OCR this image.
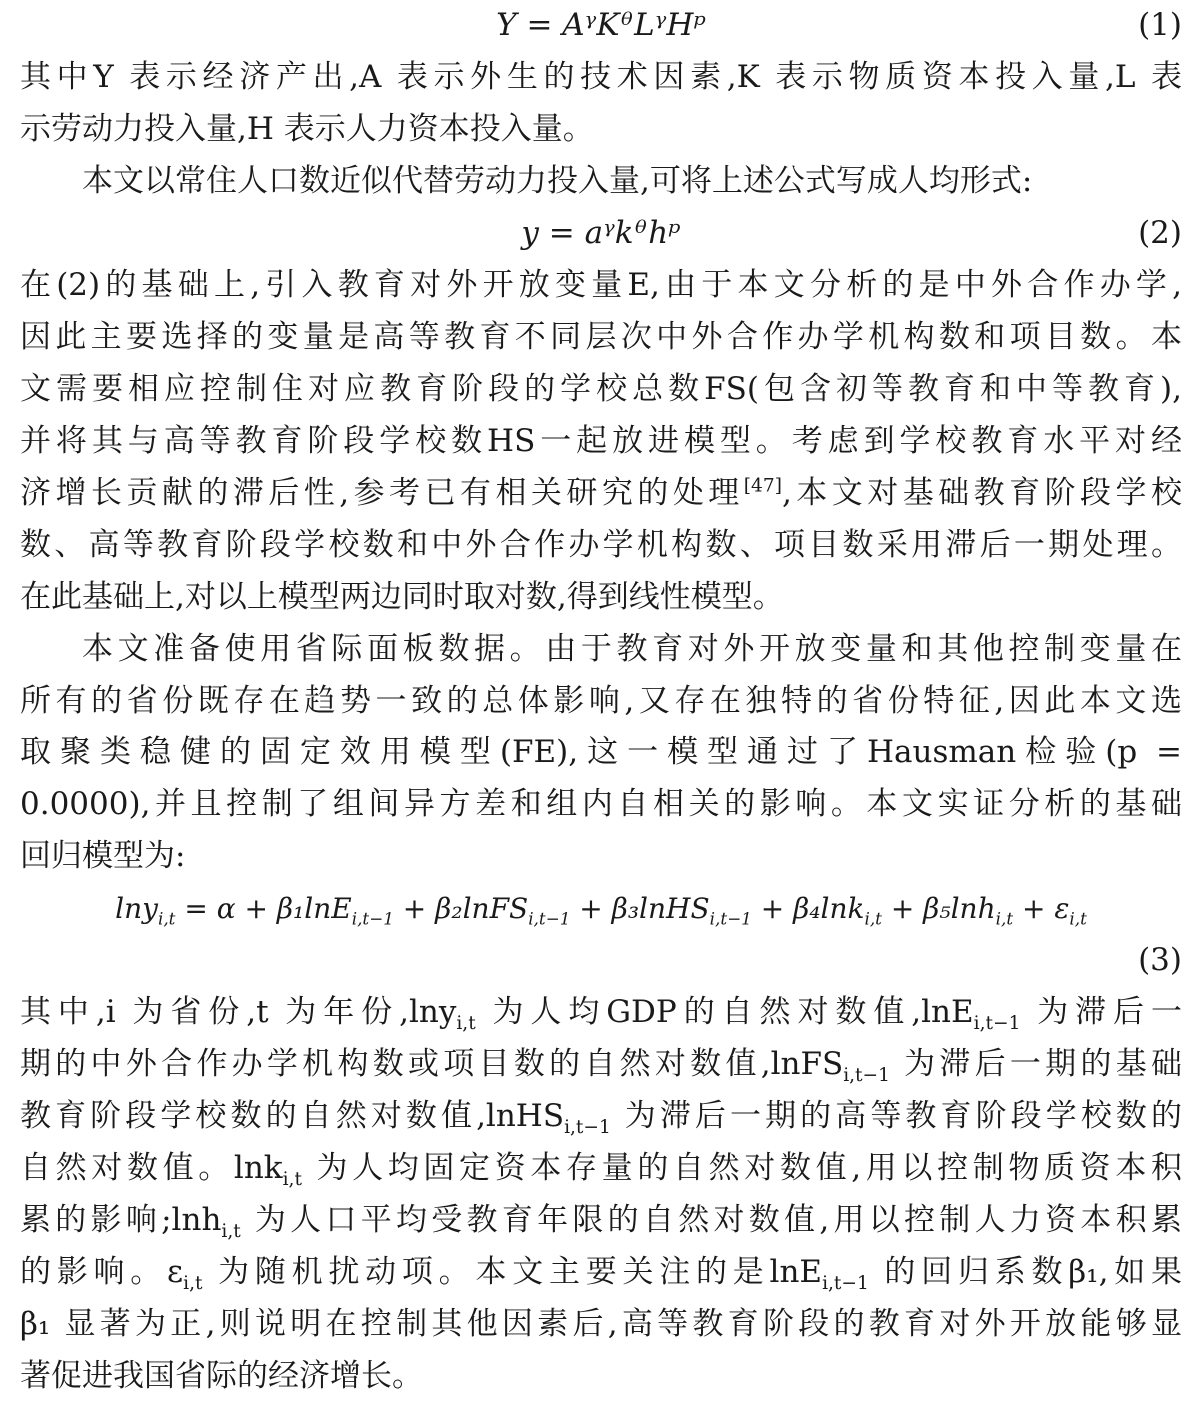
Y = AᵞKᶿLᵞHᵖ	(1)
其中Y 表示经济产出,A 表示外生的技术因素,K 表示物质资本投入量,L 表
示劳动力投入量,H 表示人力资本投入量。
本文以常住人口数近似代替劳动力投入量,可将上述公式写成人均形式:
y = aᵞkᶿhᵖ	(2)
在(2)的基础上,引入教育对外开放变量E,由于本文分析的是中外合作办学,
因此主要选择的变量是高等教育不同层次中外合作办学机构数和项目数。本
文需要相应控制住对应教育阶段的学校总数FS(包含初等教育和中等教育),
并将其与高等教育阶段学校数HS一起放进模型。考虑到学校教育水平对经
济增长贡献的滞后性,参考已有相关研究的处理[47],本文对基础教育阶段学校
数、高等教育阶段学校数和中外合作办学机构数、项目数采用滞后一期处理。
在此基础上,对以上模型两边同时取对数,得到线性模型。
本文准备使用省际面板数据。由于教育对外开放变量和其他控制变量在
所有的省份既存在趋势一致的总体影响,又存在独特的省份特征,因此本文选
取聚类稳健的固定效用模型(FE),这一模型通过了Hausman检验(p =
0.0000),并且控制了组间异方差和组内自相关的影响。本文实证分析的基础
回归模型为:
lny$_{i,t}$ = α + β₁lnE$_{i,t-1}$ + β₂lnFS$_{i,t-1}$ + β₃lnHS$_{i,t-1}$ + $\beta_4\ln k_{i,t} + \beta_5\ln h_{i,t} + \varepsilon_{i,t}$
(3)
其中,i 为省份,t 为年份,lny$_{i,t}$ 为人均GDP的自然对数值,lnE$_{i,t-1}$ 为滞后一
期的中外合作办学机构数或项目数的自然对数值,lnFS$_{i,t-1}$ 为滞后一期的基础
教育阶段学校数的自然对数值,lnHS$_{i,t-1}$ 为滞后一期的高等教育阶段学校数的
自然对数值。lnk$_{i,t}$ 为人均固定资本存量的自然对数值,用以控制物质资本积
累的影响;lnh$_{i,t}$ 为人口平均受教育年限的自然对数值,用以控制人力资本积累
的影响。$\varepsilon_{i,t}$ 为随机扰动项。本文主要关注的是lnE$_{i,t-1}$ 的回归系数β₁,如果
β₁ 显著为正,则说明在控制其他因素后,高等教育阶段的教育对外开放能够显
著促进我国省际的经济增长。
